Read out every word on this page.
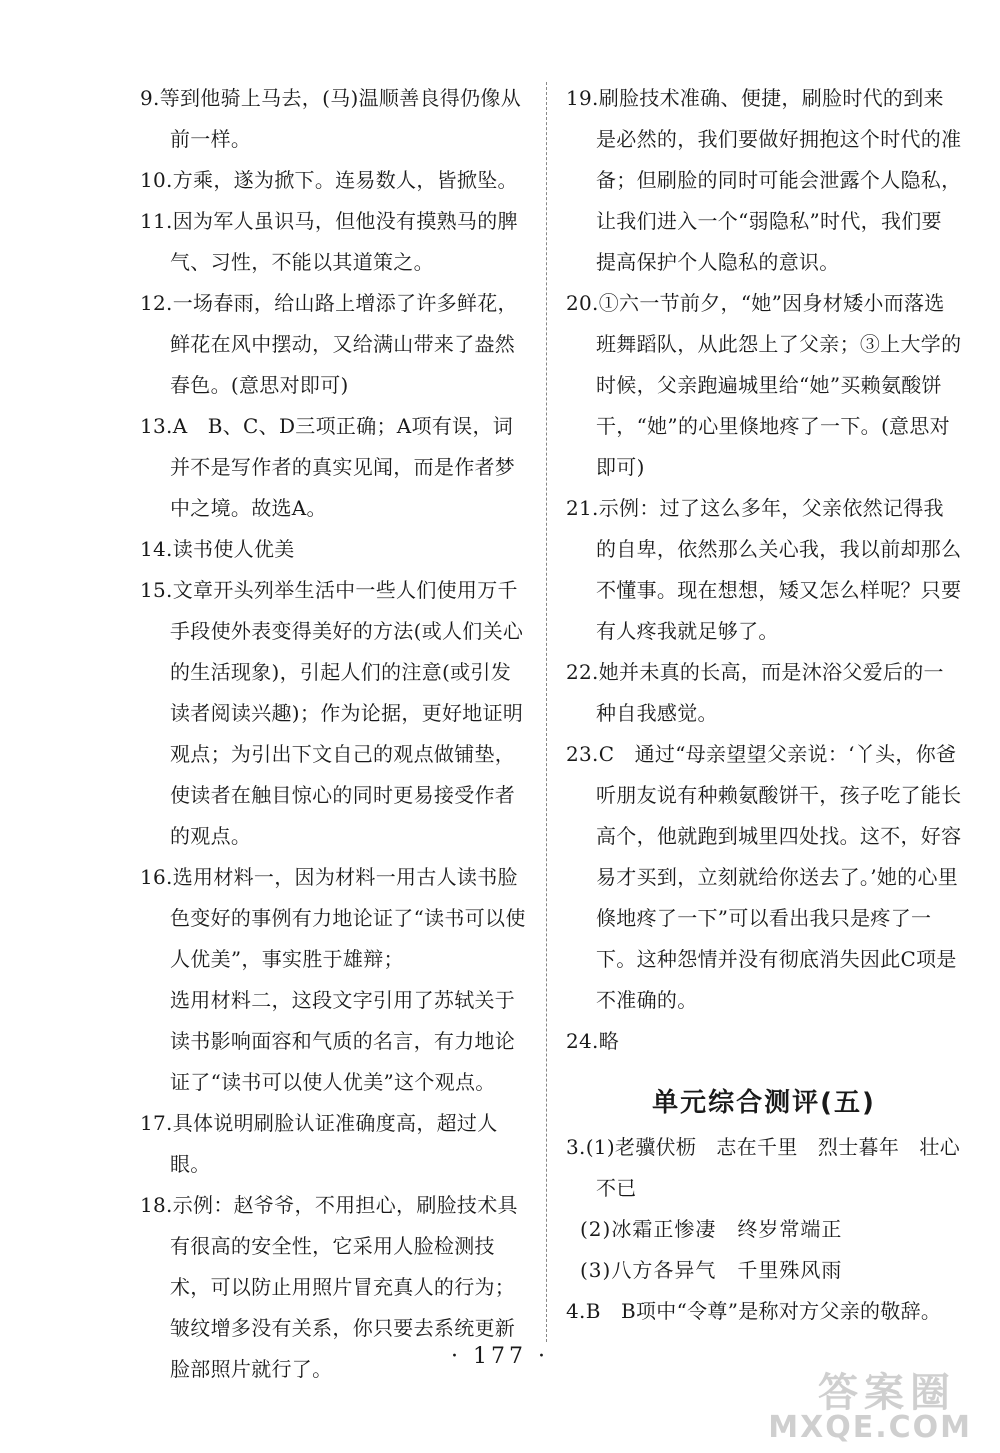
9.等到他骑上马去，(马)温顺善良得仍像从前一样。

10.方乘，遂为掀下。连易数人，皆掀坠。

11.因为军人虽识马，但他没有摸熟马的脾气、习性，不能以其道策之。

12.一场春雨，给山路上增添了许多鲜花，鲜花在风中摆动，又给满山带来了盎然春色。(意思对即可)

13.A　B、C、D三项正确；A项有误，词并不是写作者的真实见闻，而是作者梦中之境。故选A。

14.读书使人优美

15.文章开头列举生活中一些人们使用万千手段使外表变得美好的方法(或人们关心的生活现象)，引起人们的注意(或引发读者阅读兴趣)；作为论据，更好地证明观点；为引出下文自己的观点做铺垫，使读者在触目惊心的同时更易接受作者的观点。

16.选用材料一，因为材料一用古人读书脸色变好的事例有力地论证了“读书可以使人优美”，事实胜于雄辩；

选用材料二，这段文字引用了苏轼关于读书影响面容和气质的名言，有力地论证了“读书可以使人优美”这个观点。

17.具体说明刷脸认证准确度高，超过人眼。

18.示例：赵爷爷，不用担心，刷脸技术具有很高的安全性，它采用人脸检测技术，可以防止用照片冒充真人的行为；皱纹增多没有关系，你只要去系统更新脸部照片就行了。

19.刷脸技术准确、便捷，刷脸时代的到来是必然的，我们要做好拥抱这个时代的准备；但刷脸的同时可能会泄露个人隐私，让我们进入一个“弱隐私”时代，我们要提高保护个人隐私的意识。

20.①六一节前夕，“她”因身材矮小而落选班舞蹈队，从此怨上了父亲；③上大学的时候，父亲跑遍城里给“她”买赖氨酸饼干，“她”的心里倏地疼了一下。(意思对即可)

21.示例：过了这么多年，父亲依然记得我的自卑，依然那么关心我，我以前却那么不懂事。现在想想，矮又怎么样呢？只要有人疼我就足够了。

22.她并未真的长高，而是沐浴父爱后的一种自我感觉。

23.C　通过“母亲望望父亲说：‘丫头，你爸听朋友说有种赖氨酸饼干，孩子吃了能长高个，他就跑到城里四处找。这不，好容易才买到，立刻就给你送去了。’她的心里倏地疼了一下”可以看出我只是疼了一下。这种怨情并没有彻底消失因此C项是不准确的。

24.略

单元综合测评(五)

3.(1)老骥伏枥　志在千里　烈士暮年　壮心不已

(2)冰霜正惨凄　终岁常端正
(3)八方各异气　千里殊风雨

4.B　B项中“令尊”是称对方父亲的敬辞。

· 177 ·
答案圈
MXQE.COM
